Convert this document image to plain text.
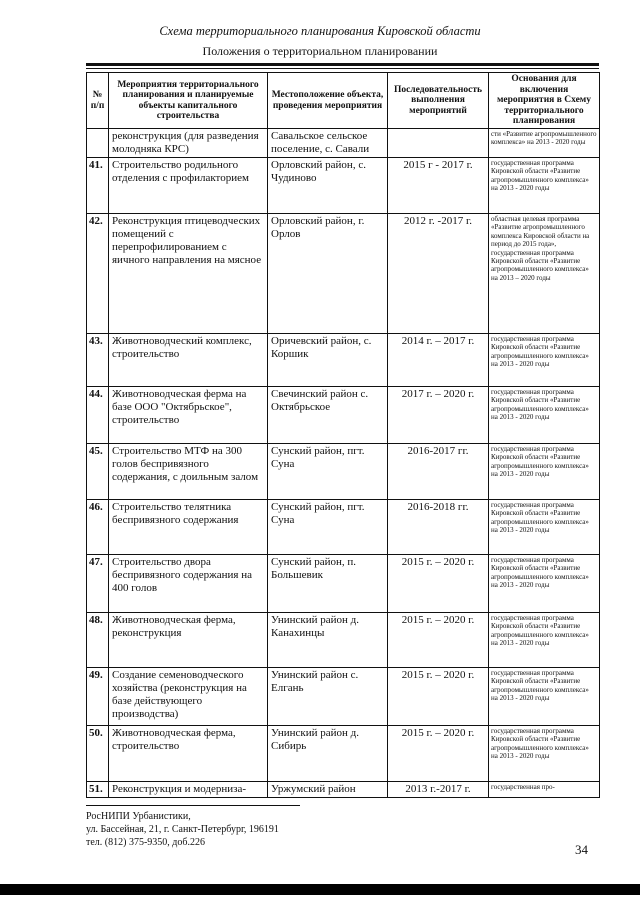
Схема территориального планирования Кировской области
Положения о территориальном планировании
№ п/п	Мероприятия территориального планирования и планируемые объекты капитального строительства	Местоположение объекта, проведения мероприятия	Последовательность выполнения мероприятий	Основания для включения мероприятия в Схему территориального планирования
	реконструкция (для разведения молодняка КРС)	Савальское сельское поселение, с. Савали		сти «Развитие агропромышленного комплекса» на 2013 - 2020 годы
41.	Строительство родильного отделения с профилакторием	Орловский район, с. Чудиново	2015 г - 2017 г.	государственная программа Кировской области «Развитие агропромышленного комплекса» на 2013 - 2020 годы
42.	Реконструкция птицеводческих помещений с перепрофилированием с яичного направления на мясное	Орловский район, г. Орлов	2012 г. -2017 г.	областная целевая программа «Развитие агропромышленного комплекса Кировской области на период до 2015 года», государственная программа Кировской области «Развитие агропромышленного комплекса» на 2013 – 2020 годы
43.	Животноводческий комплекс, строительство	Оричевский район, с. Коршик	2014 г. – 2017 г.	государственная программа Кировской области «Развитие агропромышленного комплекса» на 2013 - 2020 годы
44.	Животноводческая ферма на базе ООО "Октябрьское", строительство	Свечинский район с. Октябрьское	2017 г. – 2020 г.	государственная программа Кировской области «Развитие агропромышленного комплекса» на 2013 - 2020 годы
45.	Строительство МТФ на 300 голов беспривязного содержания, с доильным залом	Сунский район, пгт. Суна	2016-2017 гг.	государственная программа Кировской области «Развитие агропромышленного комплекса» на 2013 - 2020 годы
46.	Строительство телятника беспривязного содержания	Сунский район, пгт. Суна	2016-2018 гг.	государственная программа Кировской области «Развитие агропромышленного комплекса» на 2013 - 2020 годы
47.	Строительство двора беспривязного содержания на 400 голов	Сунский район, п. Большевик	2015 г. – 2020 г.	государственная программа Кировской области «Развитие агропромышленного комплекса» на 2013 - 2020 годы
48.	Животноводческая ферма, реконструкция	Унинский район д. Канахинцы	2015 г. – 2020 г.	государственная программа Кировской области «Развитие агропромышленного комплекса» на 2013 - 2020 годы
49.	Создание семеноводческого хозяйства (реконструкция на базе действующего производства)	Унинский район с. Елгань	2015 г. – 2020 г.	государственная программа Кировской области «Развитие агропромышленного комплекса» на 2013 - 2020 годы
50.	Животноводческая ферма, строительство	Унинский район д. Сибирь	2015 г. – 2020 г.	государственная программа Кировской области «Развитие агропромышленного комплекса» на 2013 - 2020 годы
51.	Реконструкция и модерниза-	Уржумский район	2013 г.-2017 г.	государственная про-
РосНИПИ Урбанистики,
ул. Бассейная, 21, г. Санкт-Петербург, 196191
тел. (812) 375-9350, доб.226	34
